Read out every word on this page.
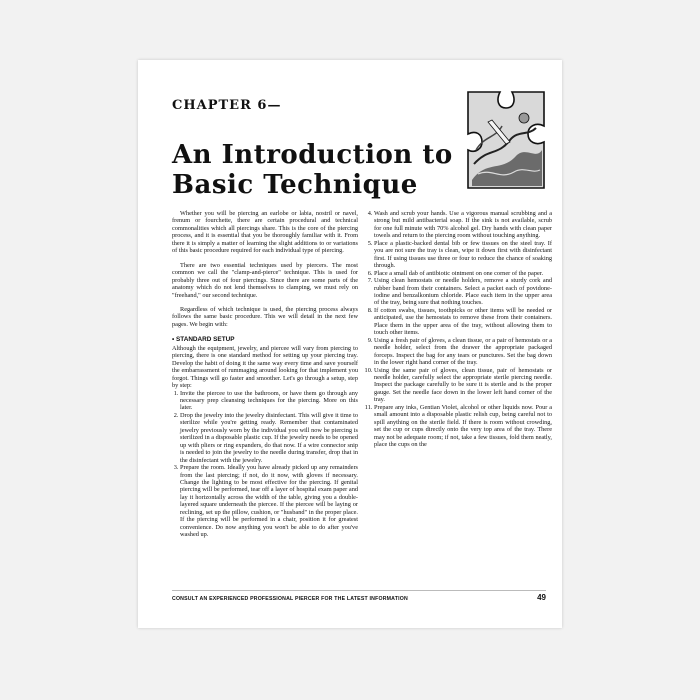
CHAPTER 6—
An Introduction to
Basic Technique

Whether you will be piercing an earlobe or labia, nostril or navel, frenum or fourchette, there are certain procedural and technical commonalities which all piercings share. This is the core of the piercing process, and it is essential that you be thoroughly familiar with it. From there it is simply a matter of learning the slight additions to or variations of this basic procedure required for each individual type of piercing.

There are two essential techniques used by piercers. The most common we call the "clamp-and-pierce" technique. This is used for probably three out of four piercings. Since there are some parts of the anatomy which do not lend themselves to clamping, we must rely on "freehand," our second technique.

Regardless of which technique is used, the piercing process always follows the same basic procedure. This we will detail in the next few pages. We begin with:

• STANDARD SETUP

Although the equipment, jewelry, and piercee will vary from piercing to piercing, there is one standard method for setting up your piercing tray. Develop the habit of doing it the same way every time and save yourself the embarrassment of rummaging around looking for that implement you forgot. Things will go faster and smoother. Let's go through a setup, step by step:

1. Invite the piercee to use the bathroom, or have them go through any necessary prep cleansing techniques for the piercing. More on this later.
2. Drop the jewelry into the jewelry disinfectant. This will give it time to sterilize while you're getting ready. Remember that contaminated jewelry previously worn by the individual you will now be piercing is sterilized in a disposable plastic cup. If the jewelry needs to be opened up with pliers or ring expanders, do that now. If a wire connector snip is needed to join the jewelry to the needle during transfer, drop that in the disinfectant with the jewelry.
3. Prepare the room. Ideally you have already picked up any remainders from the last piercing; if not, do it now, with gloves if necessary. Change the lighting to be most effective for the piercing. If genital piercing will be performed, tear off a layer of hospital exam paper and lay it horizontally across the width of the table, giving you a double-layered square underneath the piercee. If the piercee will be laying or reclining, set up the pillow, cushion, or "husband" in the proper place. If the piercing will be performed in a chair, position it for greatest convenience. Do now anything you won't be able to do after you've washed up.
4. Wash and scrub your hands. Use a vigorous manual scrubbing and a strong but mild antibacterial soap. If the sink is not available, scrub for one full minute with 70% alcohol gel. Dry hands with clean paper towels and return to the piercing room without touching anything.
5. Place a plastic-backed dental bib or few tissues on the steel tray. If you are not sure the tray is clean, wipe it down first with disinfectant first. If using tissues use three or four to reduce the chance of soaking through.
6. Place a small dab of antibiotic ointment on one corner of the paper.
7. Using clean hemostats or needle holders, remove a sturdy cork and rubber band from their containers. Select a packet each of povidone-iodine and benzalkonium chloride. Place each item in the upper area of the tray, being sure that nothing touches.
8. If cotton swabs, tissues, toothpicks or other items will be needed or anticipated, use the hemostats to remove these from their containers. Place them in the upper area of the tray, without allowing them to touch other items.
9. Using a fresh pair of gloves, a clean tissue, or a pair of hemostats or a needle holder, select from the drawer the appropriate packaged forceps. Inspect the bag for any tears or punctures. Set the bag down in the lower right hand corner of the tray.
10. Using the same pair of gloves, clean tissue, pair of hemostats or needle holder, carefully select the appropriate sterile piercing needle. Inspect the package carefully to be sure it is sterile and is the proper gauge. Set the needle face down in the lower left hand corner of the tray.
11. Prepare any inks, Gentian Violet, alcohol or other liquids now. Pour a small amount into a disposable plastic relish cup, being careful not to spill anything on the sterile field. If there is room without crowding, set the cup or cups directly onto the very top area of the tray. There may not be adequate room; if not, take a few tissues, fold them neatly, place the cups on the
CONSULT AN EXPERIENCED PROFESSIONAL PIERCER FOR THE LATEST INFORMATION	49
